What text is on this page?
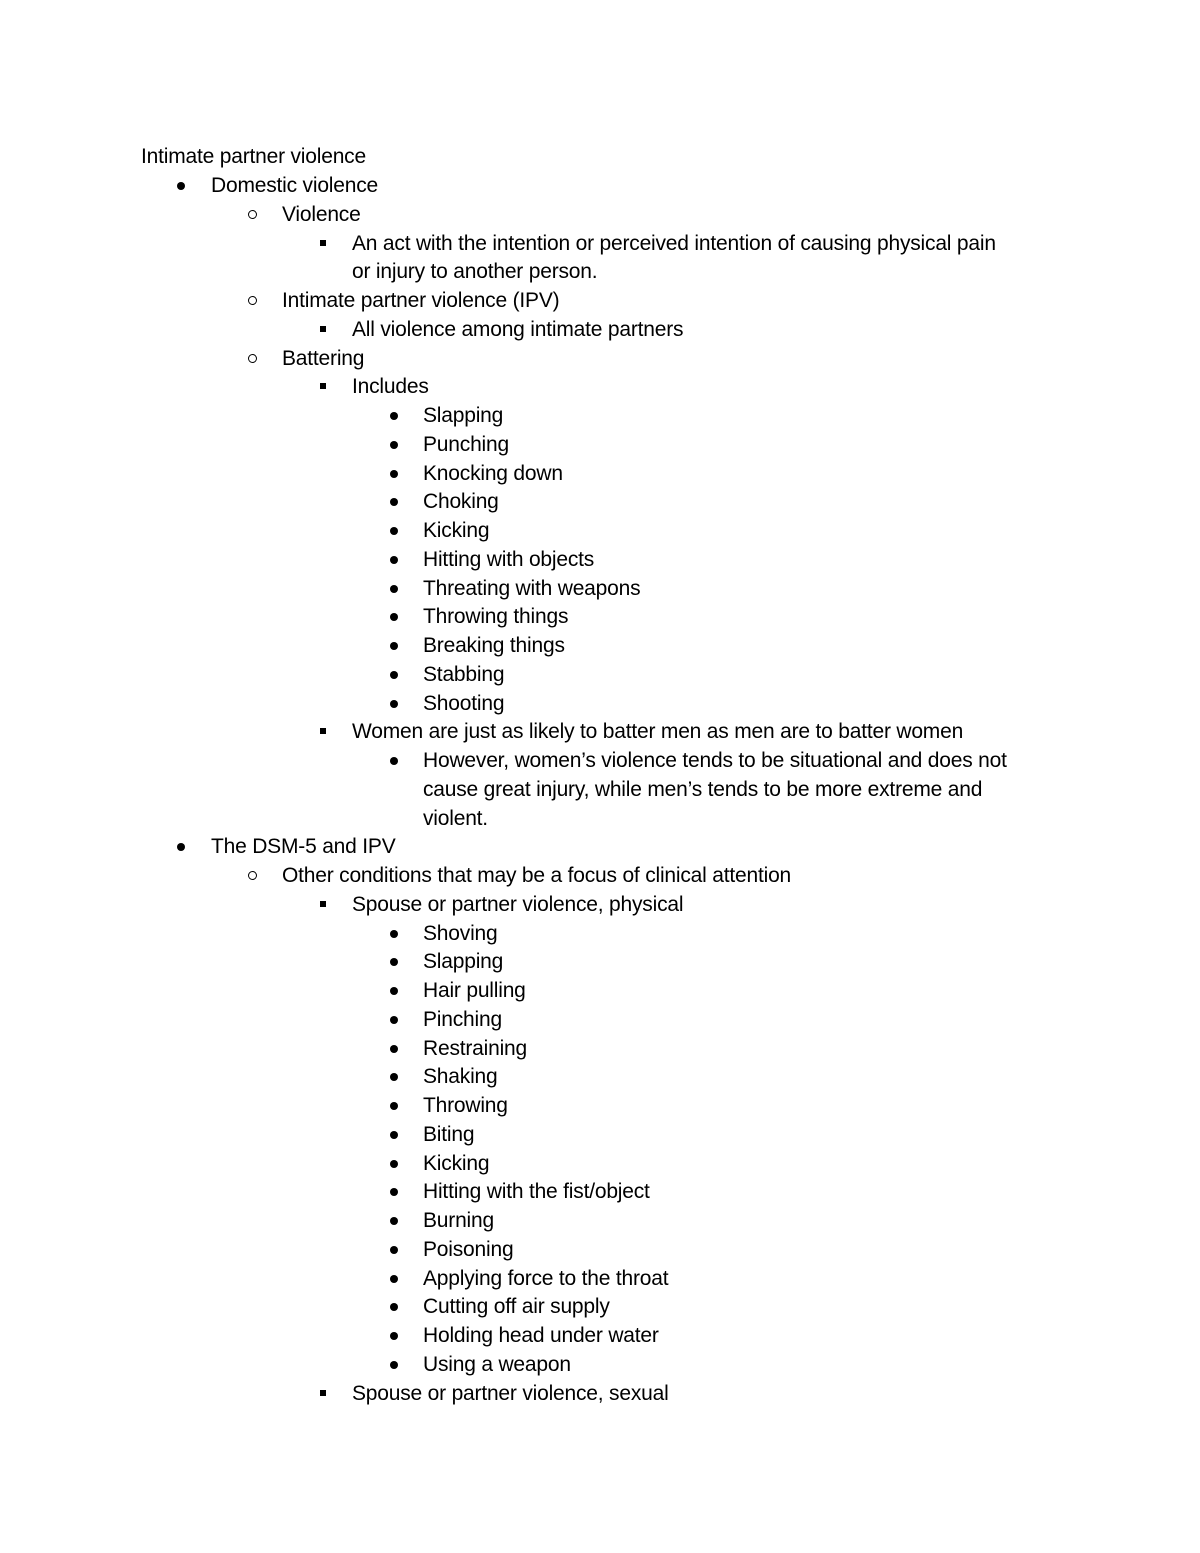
Intimate partner violence
Domestic violence
Violence
An act with the intention or perceived intention of causing physical pain
or injury to another person.
Intimate partner violence (IPV)
All violence among intimate partners
Battering
Includes
Slapping
Punching
Knocking down
Choking
Kicking
Hitting with objects
Threating with weapons
Throwing things
Breaking things
Stabbing
Shooting
Women are just as likely to batter men as men are to batter women
However, women’s violence tends to be situational and does not
cause great injury, while men’s tends to be more extreme and
violent.
The DSM-5 and IPV
Other conditions that may be a focus of clinical attention
Spouse or partner violence, physical
Shoving
Slapping
Hair pulling
Pinching
Restraining
Shaking
Throwing
Biting
Kicking
Hitting with the fist/object
Burning
Poisoning
Applying force to the throat
Cutting off air supply
Holding head under water
Using a weapon
Spouse or partner violence, sexual
